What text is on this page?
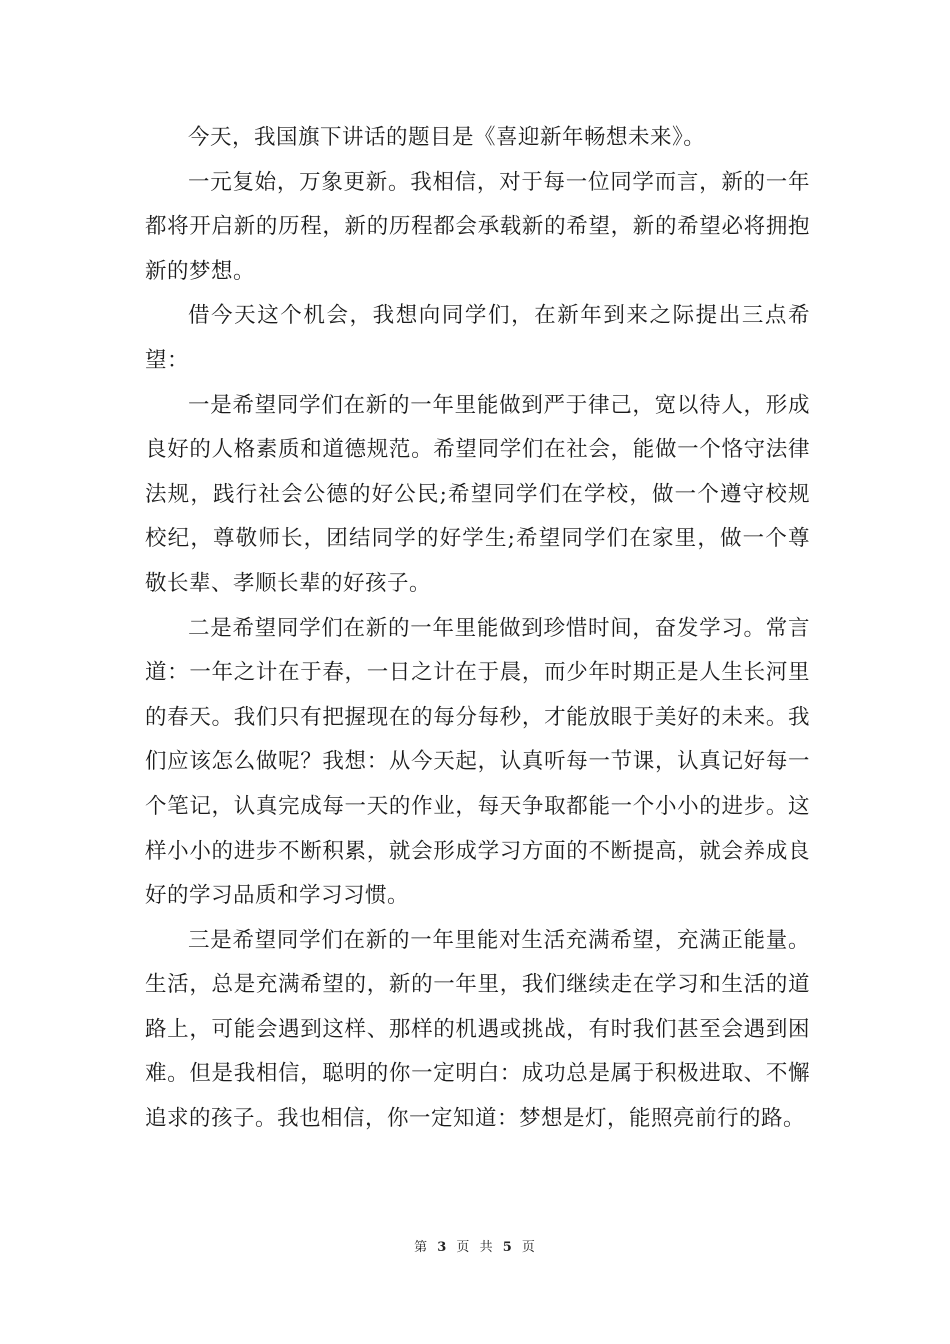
今天，我国旗下讲话的题目是《喜迎新年畅想未来》。

一元复始，万象更新。我相信，对于每一位同学而言，新的一年都将开启新的历程，新的历程都会承载新的希望，新的希望必将拥抱新的梦想。

借今天这个机会，我想向同学们，在新年到来之际提出三点希望：

一是希望同学们在新的一年里能做到严于律己，宽以待人，形成良好的人格素质和道德规范。希望同学们在社会，能做一个恪守法律法规，践行社会公德的好公民;希望同学们在学校，做一个遵守校规校纪，尊敬师长，团结同学的好学生;希望同学们在家里，做一个尊敬长辈、孝顺长辈的好孩子。

二是希望同学们在新的一年里能做到珍惜时间，奋发学习。常言道：一年之计在于春，一日之计在于晨，而少年时期正是人生长河里的春天。我们只有把握现在的每分每秒，才能放眼于美好的未来。我们应该怎么做呢？我想：从今天起，认真听每一节课，认真记好每一个笔记，认真完成每一天的作业，每天争取都能一个小小的进步。这样小小的进步不断积累，就会形成学习方面的不断提高，就会养成良好的学习品质和学习习惯。

三是希望同学们在新的一年里能对生活充满希望，充满正能量。生活，总是充满希望的，新的一年里，我们继续走在学习和生活的道路上，可能会遇到这样、那样的机遇或挑战，有时我们甚至会遇到困难。但是我相信，聪明的你一定明白：成功总是属于积极进取、不懈追求的孩子。我也相信，你一定知道：梦想是灯，能照亮前行的路。

第 3 页 共 5 页
